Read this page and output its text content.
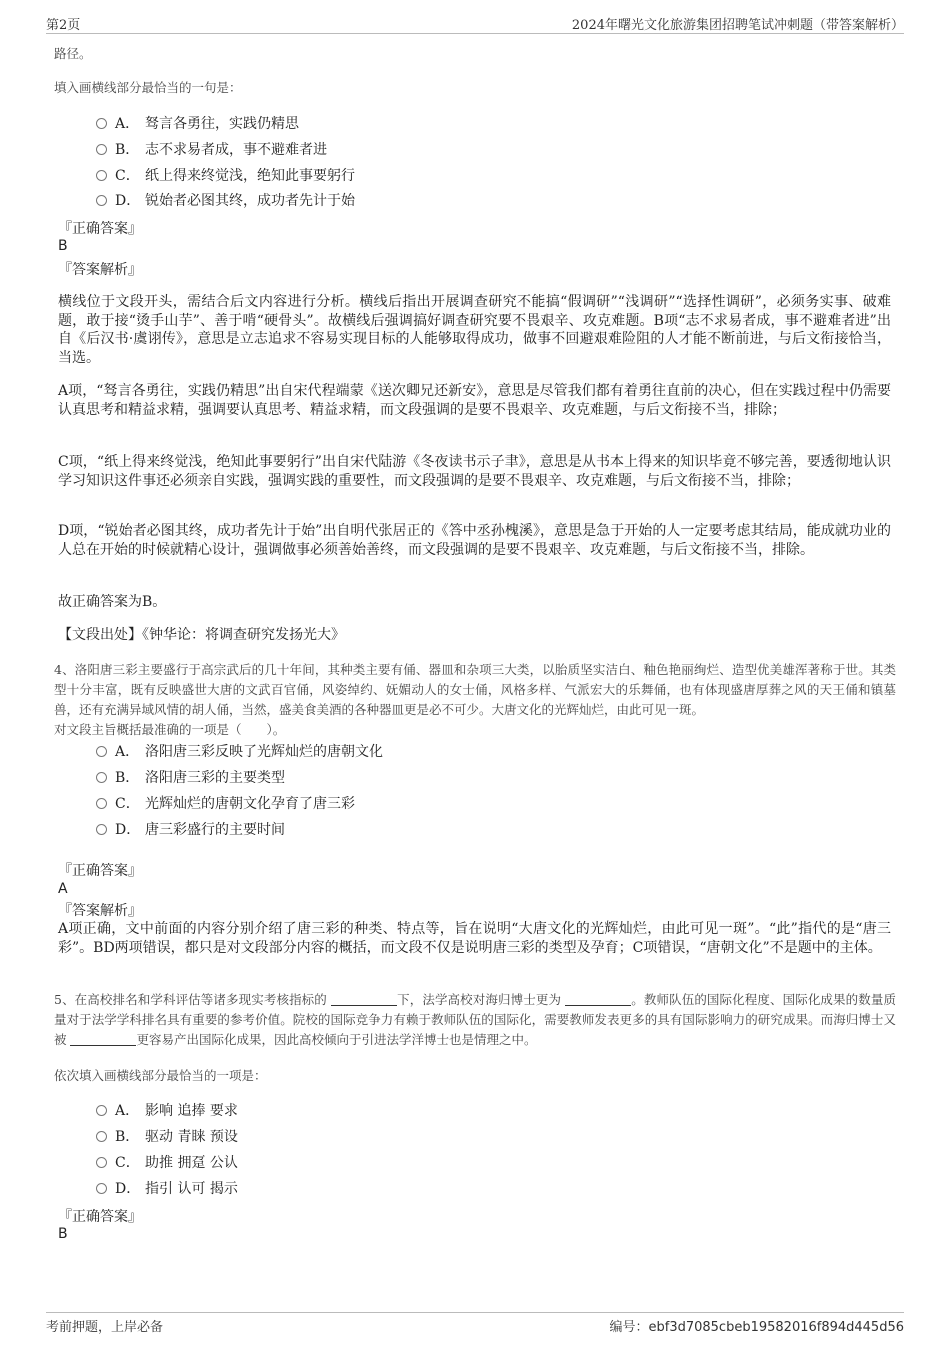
第2页	2024年曙光文化旅游集团招聘笔试冲刺题（带答案解析）
路径。
填入画横线部分最恰当的一句是：
A． 驽言各勇往，实践仍精思
B． 志不求易者成，事不避难者进
C． 纸上得来终觉浅，绝知此事要躬行
D． 锐始者必图其终，成功者先计于始
『正确答案』
B
『答案解析』
横线位于文段开头，需结合后文内容进行分析。横线后指出开展调查研究不能搞“假调研”“浅调研”“选择性调研”，必须务实事、破难题，敢于接“烫手山芋”、善于啃“硬骨头”。故横线后强调搞好调查研究要不畏艰辛、攻克难题。B项“志不求易者成，事不避难者进”出自《后汉书·虞诩传》，意思是立志追求不容易实现目标的人能够取得成功，做事不回避艰难险阻的人才能不断前进，与后文衔接恰当，当选。
A项，“驽言各勇往，实践仍精思”出自宋代程端蒙《送次卿兄还新安》，意思是尽管我们都有着勇往直前的决心，但在实践过程中仍需要认真思考和精益求精，强调要认真思考、精益求精，而文段强调的是要不畏艰辛、攻克难题，与后文衔接不当，排除；
C项，“纸上得来终觉浅，绝知此事要躬行”出自宋代陆游《冬夜读书示子聿》，意思是从书本上得来的知识毕竟不够完善，要透彻地认识学习知识这件事还必须亲自实践，强调实践的重要性，而文段强调的是要不畏艰辛、攻克难题，与后文衔接不当，排除；
D项，“锐始者必图其终，成功者先计于始”出自明代张居正的《答中丞孙槐溪》，意思是急于开始的人一定要考虑其结局，能成就功业的人总在开始的时候就精心设计，强调做事必须善始善终，而文段强调的是要不畏艰辛、攻克难题，与后文衔接不当，排除。
故正确答案为B。
【文段出处】《钟华论：将调查研究发扬光大》
4、洛阳唐三彩主要盛行于高宗武后的几十年间，其种类主要有俑、器皿和杂项三大类，以胎质坚实洁白、釉色艳丽绚烂、造型优美雄浑著称于世。其类型十分丰富，既有反映盛世大唐的文武百官俑，风姿绰约、妩媚动人的女士俑，风格多样、气派宏大的乐舞俑，也有体现盛唐厚葬之风的天王俑和镇墓兽，还有充满异域风情的胡人俑，当然，盛美食美酒的各种器皿更是必不可少。大唐文化的光辉灿烂，由此可见一斑。
对文段主旨概括最准确的一项是（　　）。
A． 洛阳唐三彩反映了光辉灿烂的唐朝文化
B． 洛阳唐三彩的主要类型
C． 光辉灿烂的唐朝文化孕育了唐三彩
D． 唐三彩盛行的主要时间
『正确答案』
A
『答案解析』
A项正确，文中前面的内容分别介绍了唐三彩的种类、特点等，旨在说明“大唐文化的光辉灿烂，由此可见一斑”。“此”指代的是“唐三彩”。BD两项错误，都只是对文段部分内容的概括，而文段不仅是说明唐三彩的类型及孕育；C项错误，“唐朝文化”不是题中的主体。
5、在高校排名和学科评估等诸多现实考核指标的	下，法学高校对海归博士更为	。教师队伍的国际化程度、国际化成果的数量质量对于法学学科排名具有重要的参考价值。院校的国际竞争力有赖于教师队伍的国际化，需要教师发表更多的具有国际影响力的研究成果。而海归博士又被	更容易产出国际化成果，因此高校倾向于引进法学洋博士也是情理之中。
依次填入画横线部分最恰当的一项是：
A． 影响 追捧 要求
B． 驱动 青睐 预设
C． 助推 拥趸 公认
D． 指引 认可 揭示
『正确答案』
B
考前押题，上岸必备	编号：ebf3d7085cbeb19582016f894d445d56
